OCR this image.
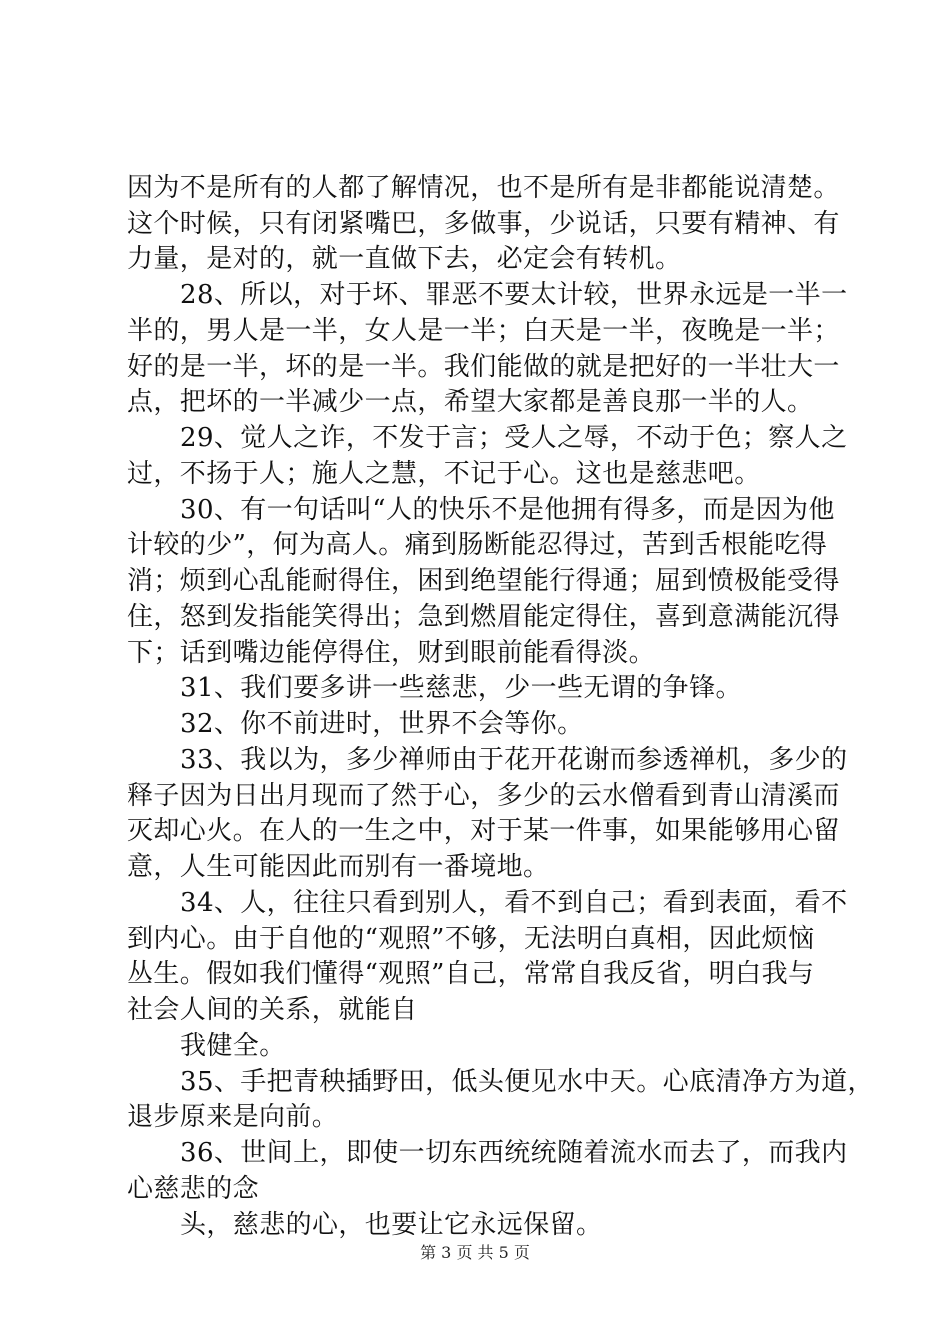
因为不是所有的人都了解情况，也不是所有是非都能说清楚。
这个时候，只有闭紧嘴巴，多做事，少说话，只要有精神、有
力量，是对的，就一直做下去，必定会有转机。
28、所以，对于坏、罪恶不要太计较，世界永远是一半一
半的，男人是一半，女人是一半；白天是一半，夜晚是一半；
好的是一半，坏的是一半。我们能做的就是把好的一半壮大一
点，把坏的一半减少一点，希望大家都是善良那一半的人。
29、觉人之诈，不发于言；受人之辱，不动于色；察人之
过，不扬于人；施人之慧，不记于心。这也是慈悲吧。
30、有一句话叫“人的快乐不是他拥有得多，而是因为他
计较的少”，何为高人。痛到肠断能忍得过，苦到舌根能吃得
消；烦到心乱能耐得住，困到绝望能行得通；屈到愤极能受得
住，怒到发指能笑得出；急到燃眉能定得住，喜到意满能沉得
下；话到嘴边能停得住，财到眼前能看得淡。
31、我们要多讲一些慈悲，少一些无谓的争锋。
32、你不前进时，世界不会等你。
33、我以为，多少禅师由于花开花谢而参透禅机，多少的
释子因为日出月现而了然于心，多少的云水僧看到青山清溪而
灭却心火。在人的一生之中，对于某一件事，如果能够用心留
意，人生可能因此而别有一番境地。
34、人，往往只看到别人，看不到自己；看到表面，看不
到内心。由于自他的“观照”不够，无法明白真相，因此烦恼
丛生。假如我们懂得“观照”自己，常常自我反省，明白我与
社会人间的关系，就能自
我健全。
35、手把青秧插野田，低头便见水中天。心底清净方为道，
退步原来是向前。
36、世间上，即使一切东西统统随着流水而去了，而我内
心慈悲的念
头，慈悲的心，也要让它永远保留。
第 3 页 共 5 页
